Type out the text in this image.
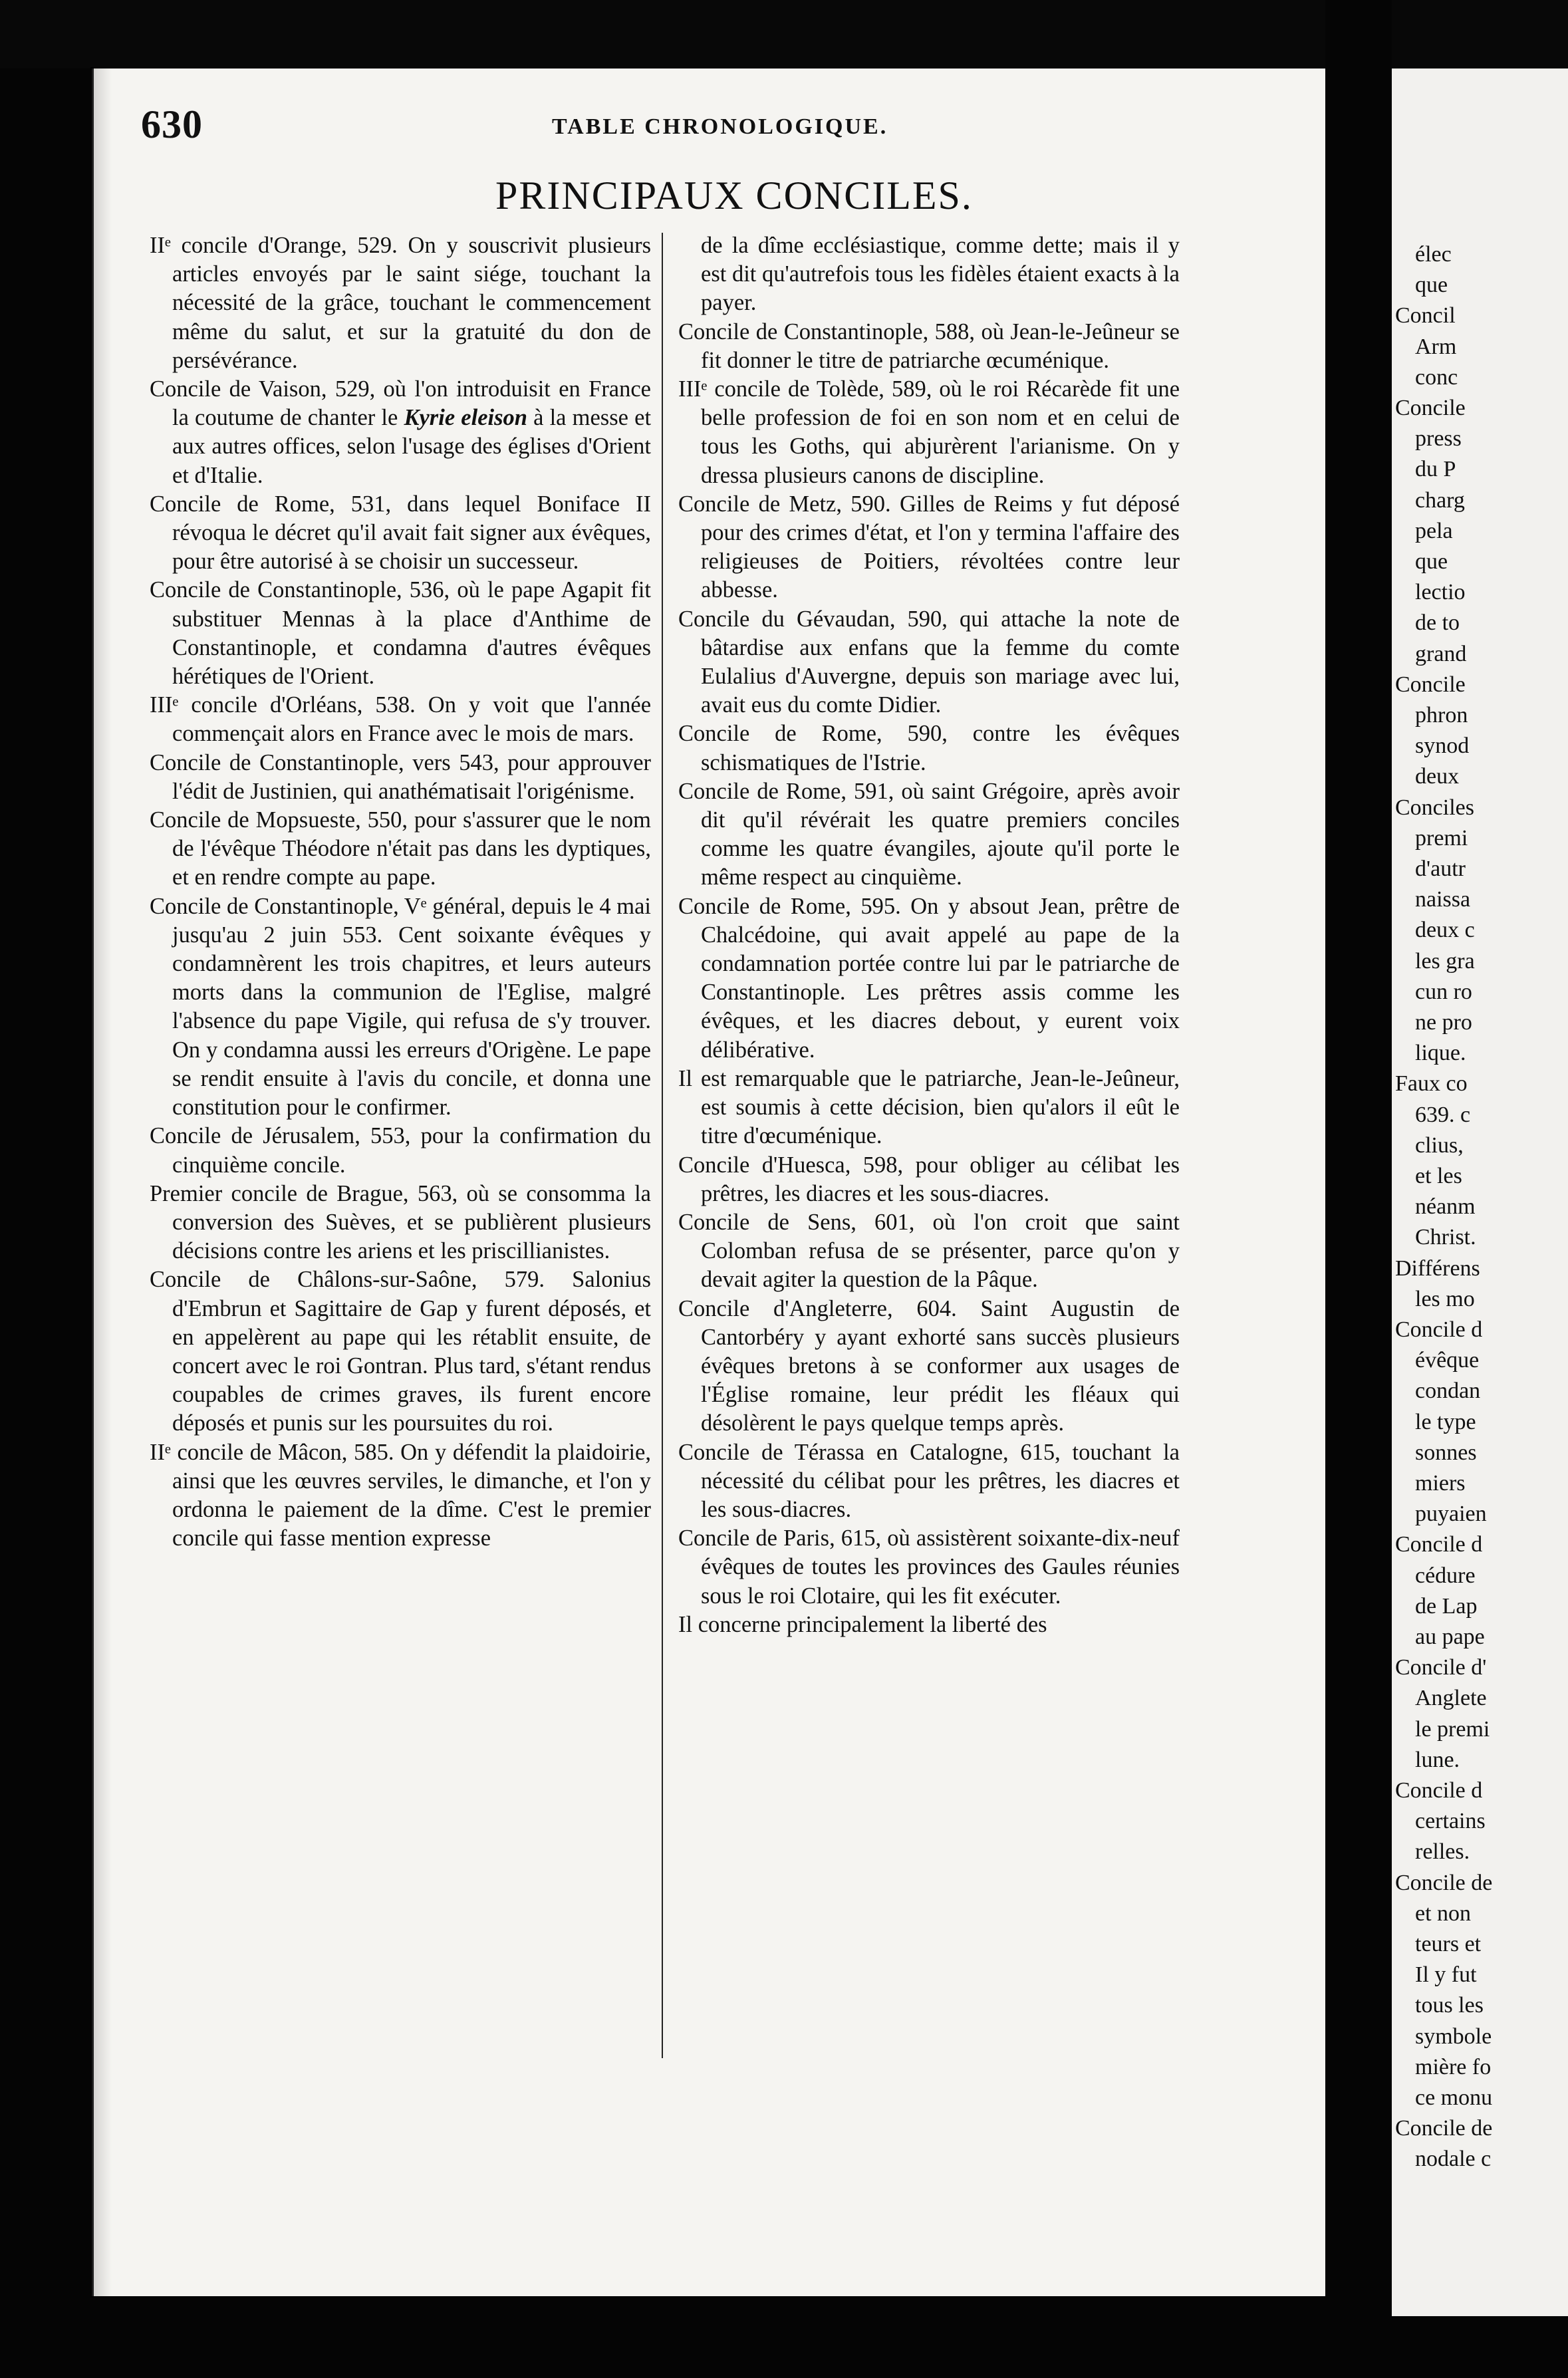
élec
que
Concil
Arm
conc
Concile
press
du P
charg
pela
que
lectio
de to
grand
Concile
phron
synod
deux
Conciles
premi
d'autr
naissa
deux c
les gra
cun ro
ne pro
lique.
Faux co
639. c
clius,
et les
néanm
Christ.
Différens
les mo
Concile d
évêque
condan
le type
sonnes
miers
puyaien
Concile d
cédure
de Lap
au pape
Concile d'
Anglete
le premi
lune.
Concile d
certains
relles.
Concile de
et non
teurs et
Il y fut
tous les
symbole
mière fo
ce monu
Concile de
nodale c
630	TABLE CHRONOLOGIQUE.
PRINCIPAUX CONCILES.

IIᵉ concile d'Orange, 529. On y souscrivit plusieurs articles envoyés par le saint siége, touchant la nécessité de la grâce, touchant le commencement même du salut, et sur la gratuité du don de persévérance.

Concile de Vaison, 529, où l'on introduisit en France la coutume de chanter le Kyrie eleison à la messe et aux autres offices, selon l'usage des églises d'Orient et d'Italie.

Concile de Rome, 531, dans lequel Boniface II révoqua le décret qu'il avait fait signer aux évêques, pour être autorisé à se choisir un successeur.

Concile de Constantinople, 536, où le pape Agapit fit substituer Mennas à la place d'Anthime de Constantinople, et condamna d'autres évêques hérétiques de l'Orient.

IIIᵉ concile d'Orléans, 538. On y voit que l'année commençait alors en France avec le mois de mars.

Concile de Constantinople, vers 543, pour approuver l'édit de Justinien, qui anathématisait l'origénisme.

Concile de Mopsueste, 550, pour s'assurer que le nom de l'évêque Théodore n'était pas dans les dyptiques, et en rendre compte au pape.

Concile de Constantinople, Vᵉ général, depuis le 4 mai jusqu'au 2 juin 553. Cent soixante évêques y condamnèrent les trois chapitres, et leurs auteurs morts dans la communion de l'Eglise, malgré l'absence du pape Vigile, qui refusa de s'y trouver. On y condamna aussi les erreurs d'Origène. Le pape se rendit ensuite à l'avis du concile, et donna une constitution pour le confirmer.

Concile de Jérusalem, 553, pour la confirmation du cinquième concile.

Premier concile de Brague, 563, où se consomma la conversion des Suèves, et se publièrent plusieurs décisions contre les ariens et les priscillianistes.

Concile de Châlons-sur-Saône, 579. Salonius d'Embrun et Sagittaire de Gap y furent déposés, et en appelèrent au pape qui les rétablit ensuite, de concert avec le roi Gontran. Plus tard, s'étant rendus coupables de crimes graves, ils furent encore déposés et punis sur les poursuites du roi.

IIᵉ concile de Mâcon, 585. On y défendit la plaidoirie, ainsi que les œuvres serviles, le dimanche, et l'on y ordonna le paiement de la dîme. C'est le premier concile qui fasse mention expresse

de la dîme ecclésiastique, comme dette; mais il y est dit qu'autrefois tous les fidèles étaient exacts à la payer.

Concile de Constantinople, 588, où Jean-le-Jeûneur se fit donner le titre de patriarche œcuménique.

IIIᵉ concile de Tolède, 589, où le roi Récarède fit une belle profession de foi en son nom et en celui de tous les Goths, qui abjurèrent l'arianisme. On y dressa plusieurs canons de discipline.

Concile de Metz, 590. Gilles de Reims y fut déposé pour des crimes d'état, et l'on y termina l'affaire des religieuses de Poitiers, révoltées contre leur abbesse.

Concile du Gévaudan, 590, qui attache la note de bâtardise aux enfans que la femme du comte Eulalius d'Auvergne, depuis son mariage avec lui, avait eus du comte Didier.

Concile de Rome, 590, contre les évêques schismatiques de l'Istrie.

Concile de Rome, 591, où saint Grégoire, après avoir dit qu'il révérait les quatre premiers conciles comme les quatre évangiles, ajoute qu'il porte le même respect au cinquième.

Concile de Rome, 595. On y absout Jean, prêtre de Chalcédoine, qui avait appelé au pape de la condamnation portée contre lui par le patriarche de Constantinople. Les prêtres assis comme les évêques, et les diacres debout, y eurent voix délibérative.

Il est remarquable que le patriarche, Jean-le-Jeûneur, est soumis à cette décision, bien qu'alors il eût le titre d'œcuménique.

Concile d'Huesca, 598, pour obliger au célibat les prêtres, les diacres et les sous-diacres.

Concile de Sens, 601, où l'on croit que saint Colomban refusa de se présenter, parce qu'on y devait agiter la question de la Pâque.

Concile d'Angleterre, 604. Saint Augustin de Cantorbéry y ayant exhorté sans succès plusieurs évêques bretons à se conformer aux usages de l'Église romaine, leur prédit les fléaux qui désolèrent le pays quelque temps après.

Concile de Térassa en Catalogne, 615, touchant la nécessité du célibat pour les prêtres, les diacres et les sous-diacres.

Concile de Paris, 615, où assistèrent soixante-dix-neuf évêques de toutes les provinces des Gaules réunies sous le roi Clotaire, qui les fit exécuter.

Il concerne principalement la liberté des
